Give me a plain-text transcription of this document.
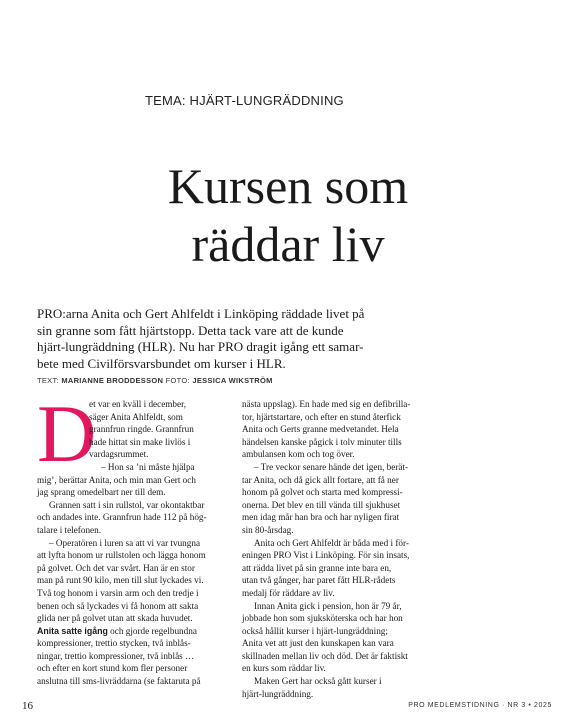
TEMA: HJÄRT-LUNGRÄDDNING
Kursen som
räddar liv
PRO:arna Anita och Gert Ahlfeldt i Linköping räddade livet på
sin granne som fått hjärtstopp. Detta tack vare att de kunde
hjärt-lungräddning (HLR). Nu har PRO dragit igång ett samar-
bete med Civilförsvarsbundet om kurser i HLR.
TEXT: MARIANNE BRODDESSON FOTO: JESSICA WIKSTRÖM
D
et var en kväll i december,
säger Anita Ahlfeldt, som
grannfrun ringde. Grannfrun
hade hittat sin make livlös i
vardagsrummet.
– Hon sa ’ni måste hjälpa
mig’, berättar Anita, och min man Gert och
jag sprang omedelbart ner till dem.
Grannen satt i sin rullstol, var okontaktbar
och andades inte. Grannfrun hade 112 på hög-
talare i telefonen.
– Operatören i luren sa att vi var tvungna
att lyfta honom ur rullstolen och lägga honom
på golvet. Och det var svårt. Han är en stor
man på runt 90 kilo, men till slut lyckades vi.
Två tog honom i varsin arm och den tredje i
benen och så lyckades vi få honom att sakta
glida ner på golvet utan att skada huvudet.
Anita satte igång och gjorde regelbundna
kompressioner, trettio stycken, två inblås-
ningar, trettio kompressioner, två inblås …
och efter en kort stund kom fler personer
anslutna till sms-livräddarna (se faktaruta på
nästa uppslag). En hade med sig en defibrilla-
tor, hjärtstartare, och efter en stund återfick
Anita och Gerts granne medvetandet. Hela
händelsen kanske pågick i tolv minuter tills
ambulansen kom och tog över.
– Tre veckor senare hände det igen, berät-
tar Anita, och då gick allt fortare, att få ner
honom på golvet och starta med kompressi-
onerna. Det blev en till vända till sjukhuset
men idag mår han bra och har nyligen firat
sin 80-årsdag.
Anita och Gert Ahlfeldt är båda med i för-
eningen PRO Vist i Linköping. För sin insats,
att rädda livet på sin granne inte bara en,
utan två gånger, har paret fått HLR-rådets
medalj för räddare av liv.
Innan Anita gick i pension, hon är 79 år,
jobbade hon som sjuksköterska och har hon
också hållit kurser i hjärt-lungräddning;
Anita vet att just den kunskapen kan vara
skillnaden mellan liv och död. Det är faktiskt
en kurs som räddar liv.
Maken Gert har också gått kurser i
hjärt-lungräddning.
16	PRO MEDLEMSTIDNING · NR 3 • 2025
